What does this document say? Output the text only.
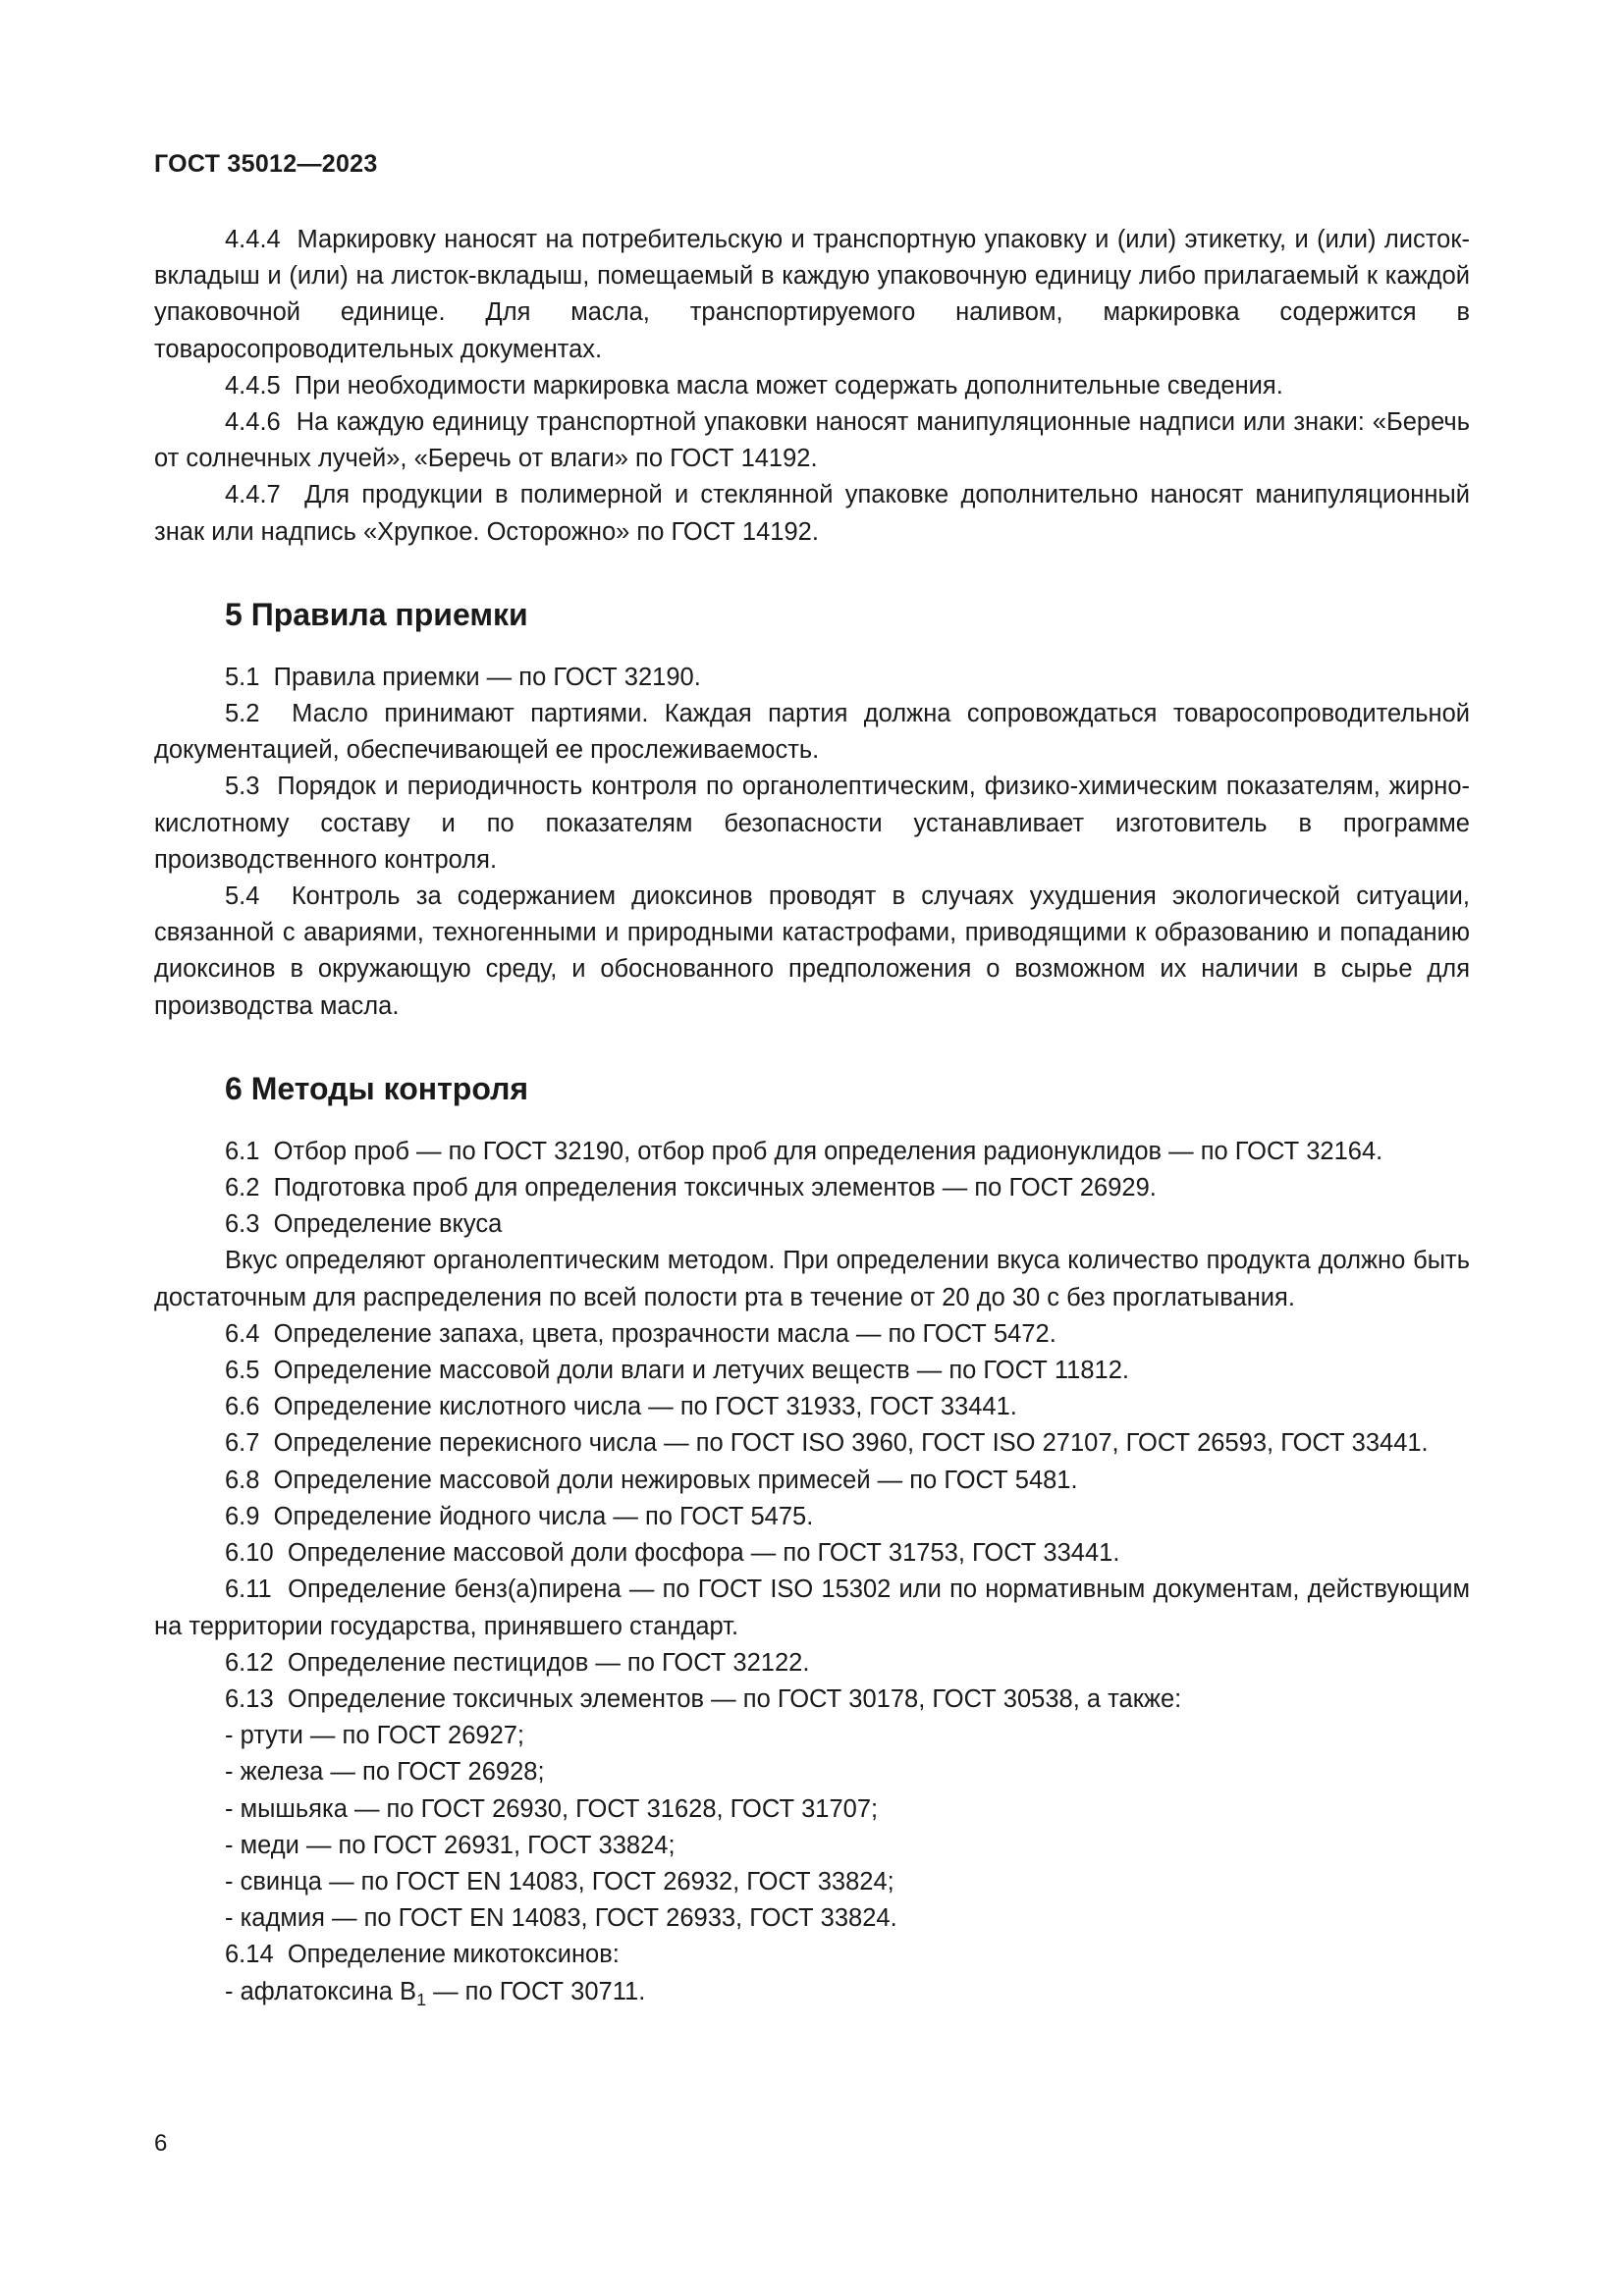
ГОСТ 35012—2023

4.4.4 Маркировку наносят на потребительскую и транспортную упаковку и (или) этикетку, и (или) листок-вкладыш и (или) на листок-вкладыш, помещаемый в каждую упаковочную единицу либо прилагаемый к каждой упаковочной единице. Для масла, транспортируемого наливом, маркировка содержится в товаросопроводительных документах.

4.4.5 При необходимости маркировка масла может содержать дополнительные сведения.

4.4.6 На каждую единицу транспортной упаковки наносят манипуляционные надписи или знаки: «Беречь от солнечных лучей», «Беречь от влаги» по ГОСТ 14192.

4.4.7 Для продукции в полимерной и стеклянной упаковке дополнительно наносят манипуляционный знак или надпись «Хрупкое. Осторожно» по ГОСТ 14192.

5 Правила приемки

5.1 Правила приемки — по ГОСТ 32190.

5.2 Масло принимают партиями. Каждая партия должна сопровождаться товаросопроводительной документацией, обеспечивающей ее прослеживаемость.

5.3 Порядок и периодичность контроля по органолептическим, физико-химическим показателям, жирно-кислотному составу и по показателям безопасности устанавливает изготовитель в программе производственного контроля.

5.4 Контроль за содержанием диоксинов проводят в случаях ухудшения экологической ситуации, связанной с авариями, техногенными и природными катастрофами, приводящими к образованию и попаданию диоксинов в окружающую среду, и обоснованного предположения о возможном их наличии в сырье для производства масла.

6 Методы контроля

6.1 Отбор проб — по ГОСТ 32190, отбор проб для определения радионуклидов — по ГОСТ 32164.

6.2 Подготовка проб для определения токсичных элементов — по ГОСТ 26929.

6.3 Определение вкуса

Вкус определяют органолептическим методом. При определении вкуса количество продукта должно быть достаточным для распределения по всей полости рта в течение от 20 до 30 с без проглатывания.

6.4 Определение запаха, цвета, прозрачности масла — по ГОСТ 5472.

6.5 Определение массовой доли влаги и летучих веществ — по ГОСТ 11812.

6.6 Определение кислотного числа — по ГОСТ 31933, ГОСТ 33441.

6.7 Определение перекисного числа — по ГОСТ ISO 3960, ГОСТ ISO 27107, ГОСТ 26593, ГОСТ 33441.

6.8 Определение массовой доли нежировых примесей — по ГОСТ 5481.

6.9 Определение йодного числа — по ГОСТ 5475.

6.10 Определение массовой доли фосфора — по ГОСТ 31753, ГОСТ 33441.

6.11 Определение бенз(а)пирена — по ГОСТ ISO 15302 или по нормативным документам, действующим на территории государства, принявшего стандарт.

6.12 Определение пестицидов — по ГОСТ 32122.

6.13 Определение токсичных элементов — по ГОСТ 30178, ГОСТ 30538, а также:

- ртути — по ГОСТ 26927;

- железа — по ГОСТ 26928;

- мышьяка — по ГОСТ 26930, ГОСТ 31628, ГОСТ 31707;

- меди — по ГОСТ 26931, ГОСТ 33824;

- свинца — по ГОСТ EN 14083, ГОСТ 26932, ГОСТ 33824;

- кадмия — по ГОСТ EN 14083, ГОСТ 26933, ГОСТ 33824.

6.14 Определение микотоксинов:

- афлатоксина $В_1$ — по ГОСТ 30711.

6
